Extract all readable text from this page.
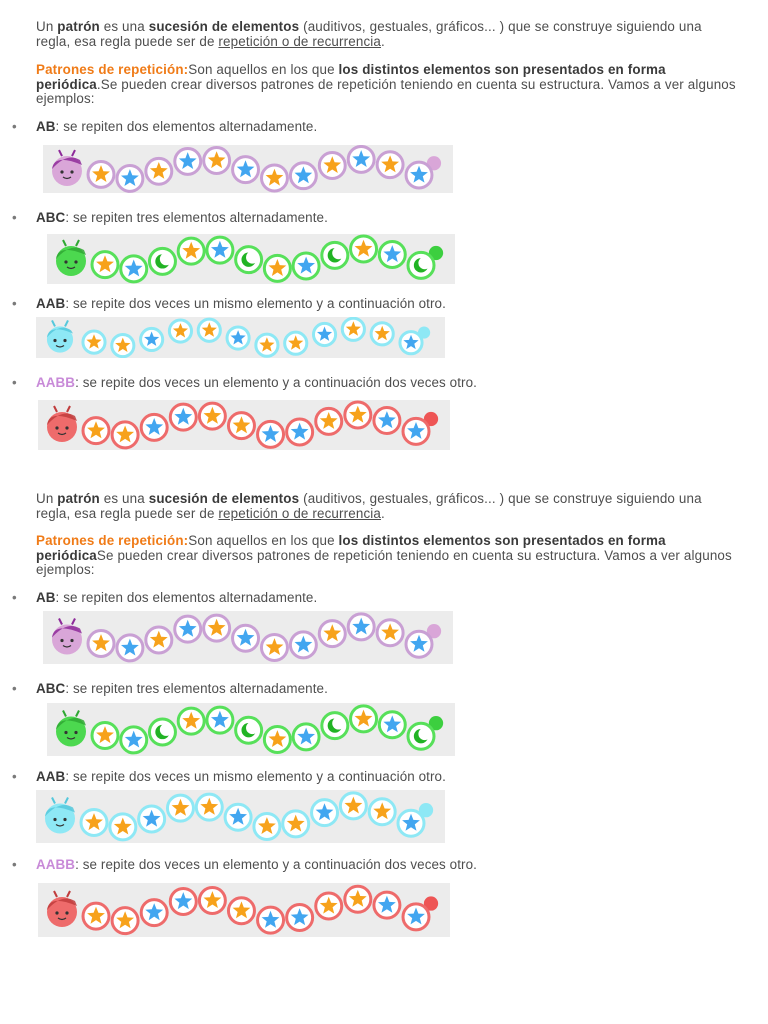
Un patrón es una sucesión de elementos (auditivos, gestuales, gráficos... ) que se construye siguiendo una regla, esa regla puede ser de repetición o de recurrencia.

Patrones de repetición:Son aquellos en los que los distintos elementos son presentados en forma periódica.Se pueden crear diversos patrones de repetición teniendo en cuenta su estructura. Vamos a ver algunos ejemplos:

• AB: se repiten dos elementos alternadamente.
• ABC: se repiten tres elementos alternadamente.
• AAB: se repite dos veces un mismo elemento y a continuación otro.
• AABB: se repite dos veces un elemento y a continuación dos veces otro.

Un patrón es una sucesión de elementos (auditivos, gestuales, gráficos... ) que se construye siguiendo una regla, esa regla puede ser de repetición o de recurrencia.

Patrones de repetición:Son aquellos en los que los distintos elementos son presentados en forma periódicaSe pueden crear diversos patrones de repetición teniendo en cuenta su estructura. Vamos a ver algunos ejemplos:

• AB: se repiten dos elementos alternadamente.
• ABC: se repiten tres elementos alternadamente.
• AAB: se repite dos veces un mismo elemento y a continuación otro.
• AABB: se repite dos veces un elemento y a continuación dos veces otro.
